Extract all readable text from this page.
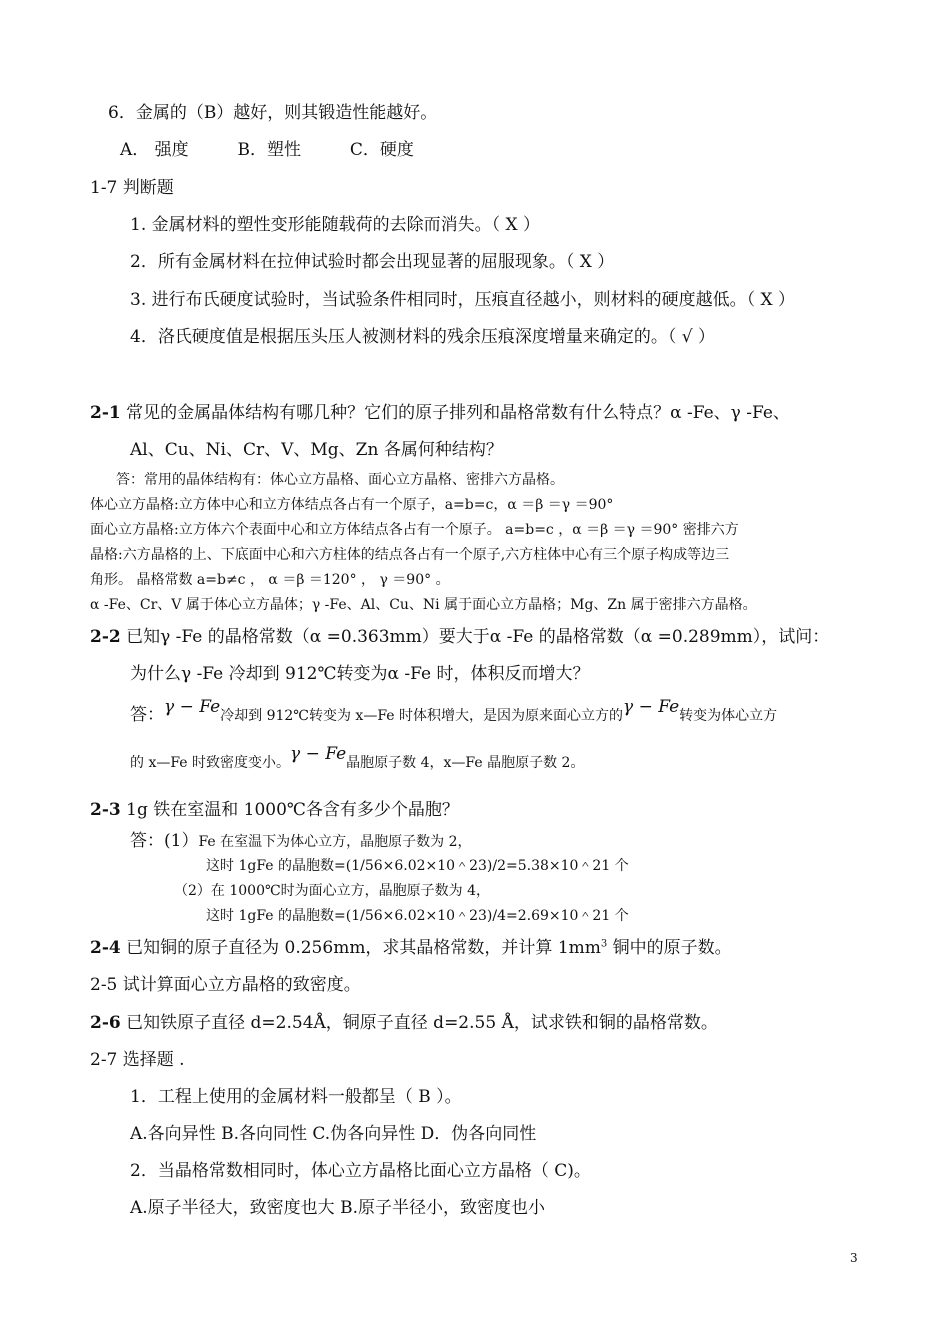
6．金属的（B）越好，则其锻造性能越好。
A． 强度	B．塑性	C．硬度
1-7 判断题
1. 金属材料的塑性变形能随载荷的去除而消失。（ X ）
2．所有金属材料在拉伸试验时都会出现显著的屈服现象。（ X ）
3. 进行布氏硬度试验时，当试验条件相同时，压痕直径越小，则材料的硬度越低。（ X ）
4．洛氏硬度值是根据压头压人被测材料的残余压痕深度增量来确定的。（ √ ）
2-1 常见的金属晶体结构有哪几种？它们的原子排列和晶格常数有什么特点？α -Fe、γ -Fe、
Al、Cu、Ni、Cr、V、Mg、Zn 各属何种结构？
答：常用的晶体结构有：体心立方晶格、面心立方晶格、密排六方晶格。
体心立方晶格:立方体中心和立方体结点各占有一个原子，a=b=c，α ＝β ＝γ ＝90°
面心立方晶格:立方体六个表面中心和立方体结点各占有一个原子。 a=b=c ，α ＝β ＝γ ＝90° 密排六方
晶格:六方晶格的上、下底面中心和六方柱体的结点各占有一个原子,六方柱体中心有三个原子构成等边三
角形。 晶格常数 a=b≠c ， α ＝β ＝120° ， γ ＝90° 。
α -Fe、Cr、V 属于体心立方晶体；γ -Fe、Al、Cu、Ni 属于面心立方晶格；Mg、Zn 属于密排六方晶格。
2-2 已知γ -Fe 的晶格常数（α =0.363mm）要大于α -Fe 的晶格常数（α =0.289mm），试问：
为什么γ -Fe 冷却到 912℃转变为α -Fe 时，体积反而增大？
答：γ − Fe冷却到 912℃转变为 x—Fe 时体积增大，是因为原来面心立方的γ − Fe转变为体心立方
的 x—Fe 时致密度变小。γ − Fe晶胞原子数 4，x—Fe 晶胞原子数 2。
2-3 1g 铁在室温和 1000℃各含有多少个晶胞？
答：(1）Fe 在室温下为体心立方，晶胞原子数为 2，
这时 1gFe 的晶胞数=(1/56×6.02×10＾23)/2=5.38×10＾21 个
（2）在 1000℃时为面心立方，晶胞原子数为 4，
这时 1gFe 的晶胞数=(1/56×6.02×10＾23)/4=2.69×10＾21 个
2-4 已知铜的原子直径为 0.256mm，求其晶格常数，并计算 $1mm^3$ 铜中的原子数。
2-5 试计算面心立方晶格的致密度。
2-6 已知铁原子直径 d=2.54Å，铜原子直径 d=2.55 Å，试求铁和铜的晶格常数。
2-7 选择题 .
1．工程上使用的金属材料一般都呈（ B ）。
A.各向异性 B.各向同性 C.伪各向异性 D．伪各向同性
2．当晶格常数相同时，体心立方晶格比面心立方晶格（ C)。
A.原子半径大，致密度也大 B.原子半径小，致密度也小
3
